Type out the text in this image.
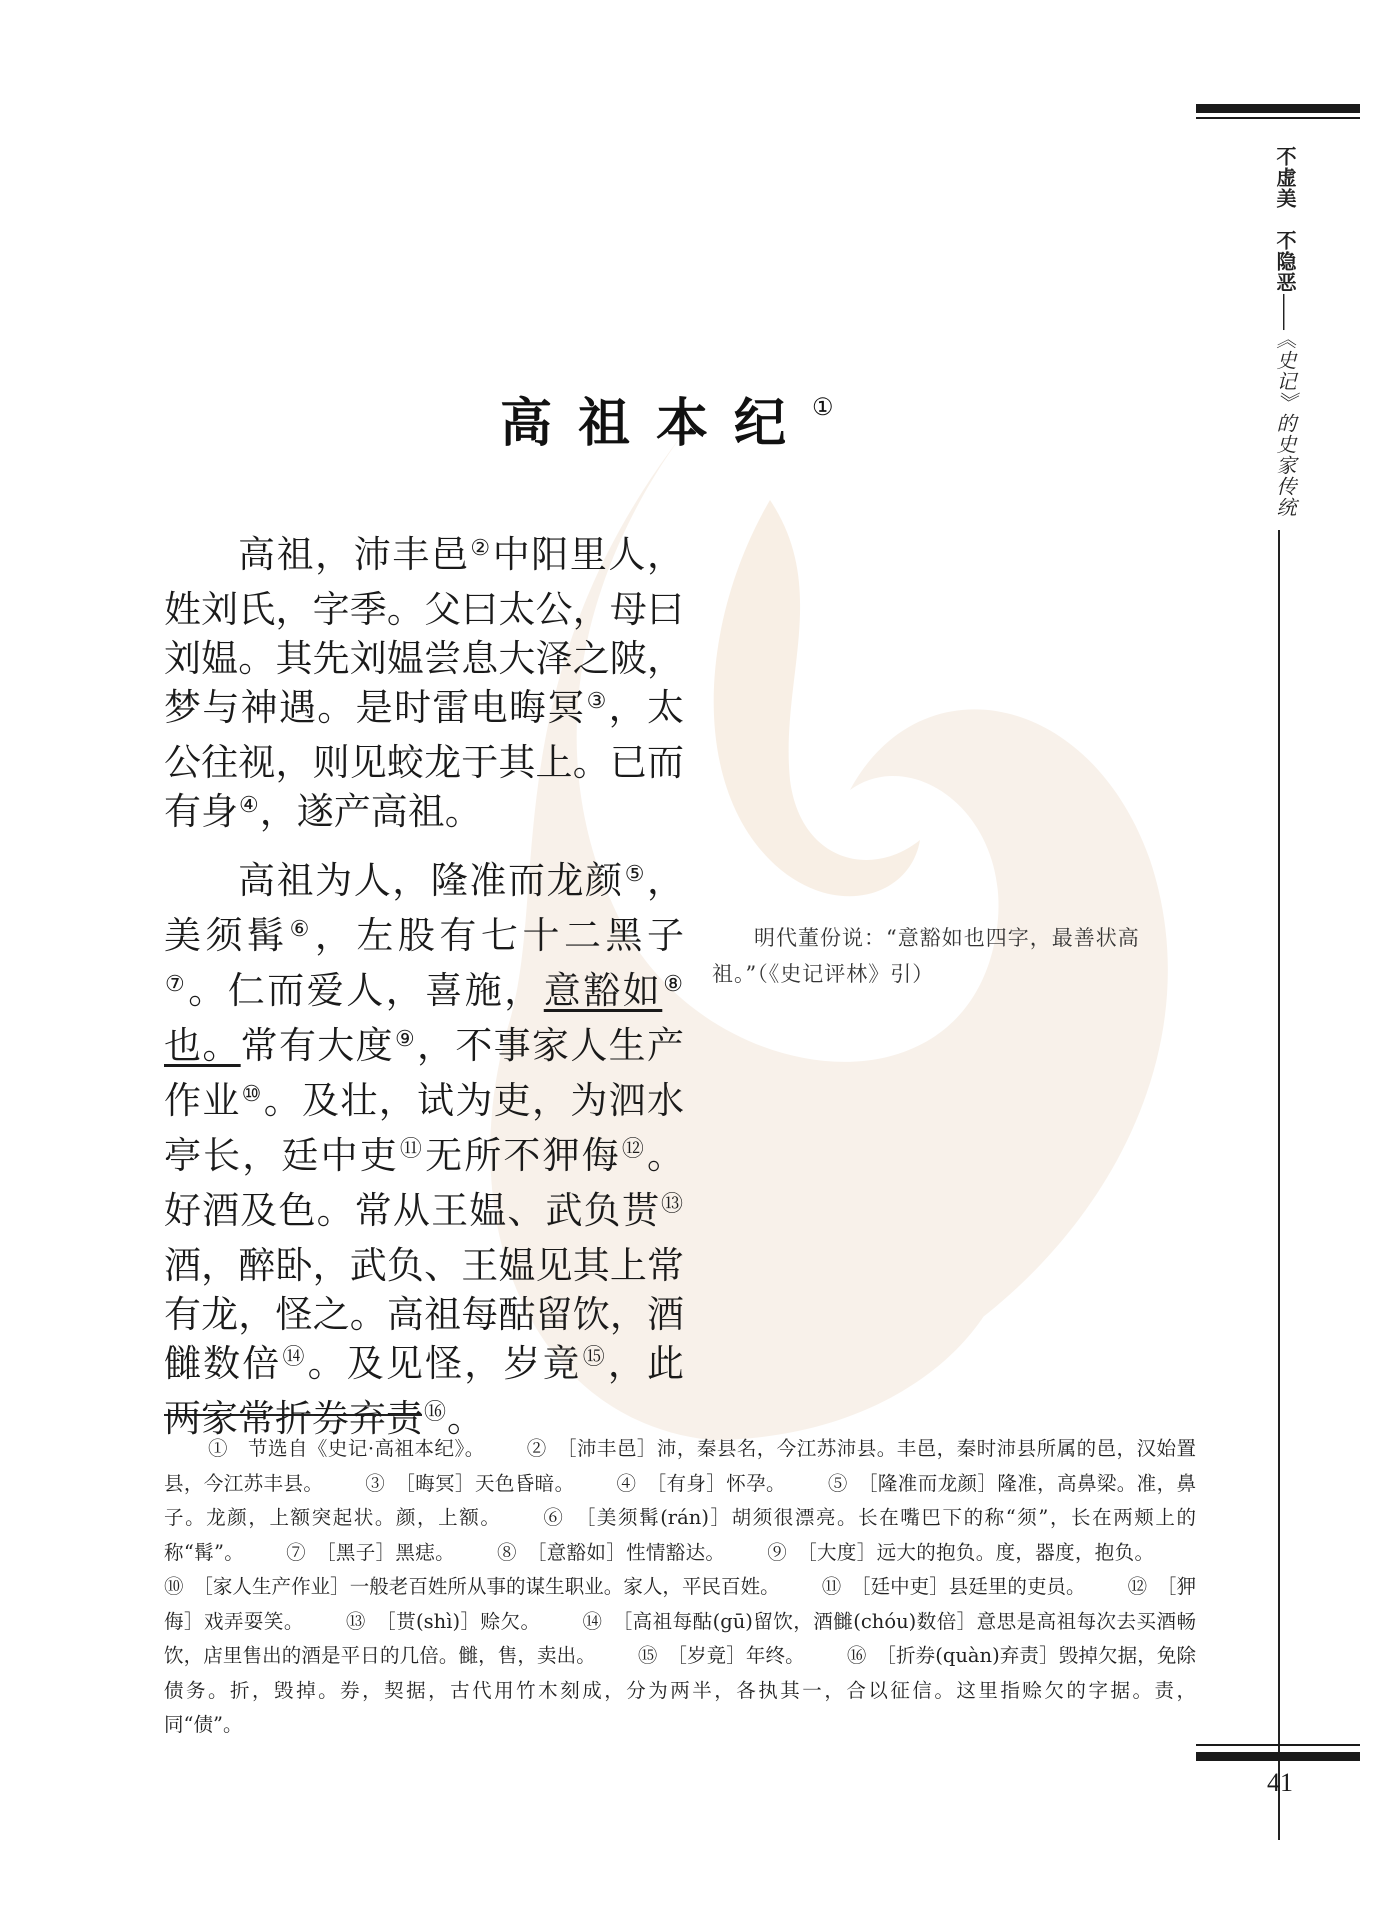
不虚美　不隐恶——《史记》的史家传统
高祖本纪①

高祖，沛丰邑②中阳里人，姓刘氏，字季。父曰太公，母曰刘媪。其先刘媪尝息大泽之陂，梦与神遇。是时雷电晦冥③，太公往视，则见蛟龙于其上。已而有身④，遂产高祖。

高祖为人，隆准而龙颜⑤，美须髯⑥，左股有七十二黑子⑦。仁而爱人，喜施，意豁如⑧也。常有大度⑨，不事家人生产作业⑩。及壮，试为吏，为泗水亭长，廷中吏⑪无所不狎侮⑫。好酒及色。常从王媪、武负贳⑬酒，醉卧，武负、王媪见其上常有龙，怪之。高祖每酤留饮，酒雠数倍⑭。及见怪，岁竟⑮，此两家常折券弃责⑯。

明代董份说：“意豁如也四字，最善状高祖。”（《史记评林》引）
①　节选自《史记·高祖本纪》。 ②　［沛丰邑］沛，秦县名，今江苏沛县。丰邑，秦时沛县所属的邑，汉始置县，今江苏丰县。 ③　［晦冥］天色昏暗。 ④　［有身］怀孕。 ⑤　［隆准而龙颜］隆准，高鼻梁。准，鼻子。龙颜，上额突起状。颜，上额。 ⑥　［美须髯(rán)］胡须很漂亮。长在嘴巴下的称“须”，长在两颊上的称“髯”。 ⑦　［黑子］黑痣。 ⑧　［意豁如］性情豁达。 ⑨　［大度］远大的抱负。度，器度，抱负。⑩　［家人生产作业］一般老百姓所从事的谋生职业。家人，平民百姓。 ⑪　［廷中吏］县廷里的吏员。 ⑫　［狎侮］戏弄耍笑。 ⑬　［贳(shì)］赊欠。 ⑭　［高祖每酤(gū)留饮，酒雠(chóu)数倍］意思是高祖每次去买酒畅饮，店里售出的酒是平日的几倍。雠，售，卖出。 ⑮　［岁竟］年终。 ⑯　［折券(quàn)弃责］毁掉欠据，免除债务。折，毁掉。券，契据，古代用竹木刻成，分为两半，各执其一，合以征信。这里指赊欠的字据。责，同“债”。
41
